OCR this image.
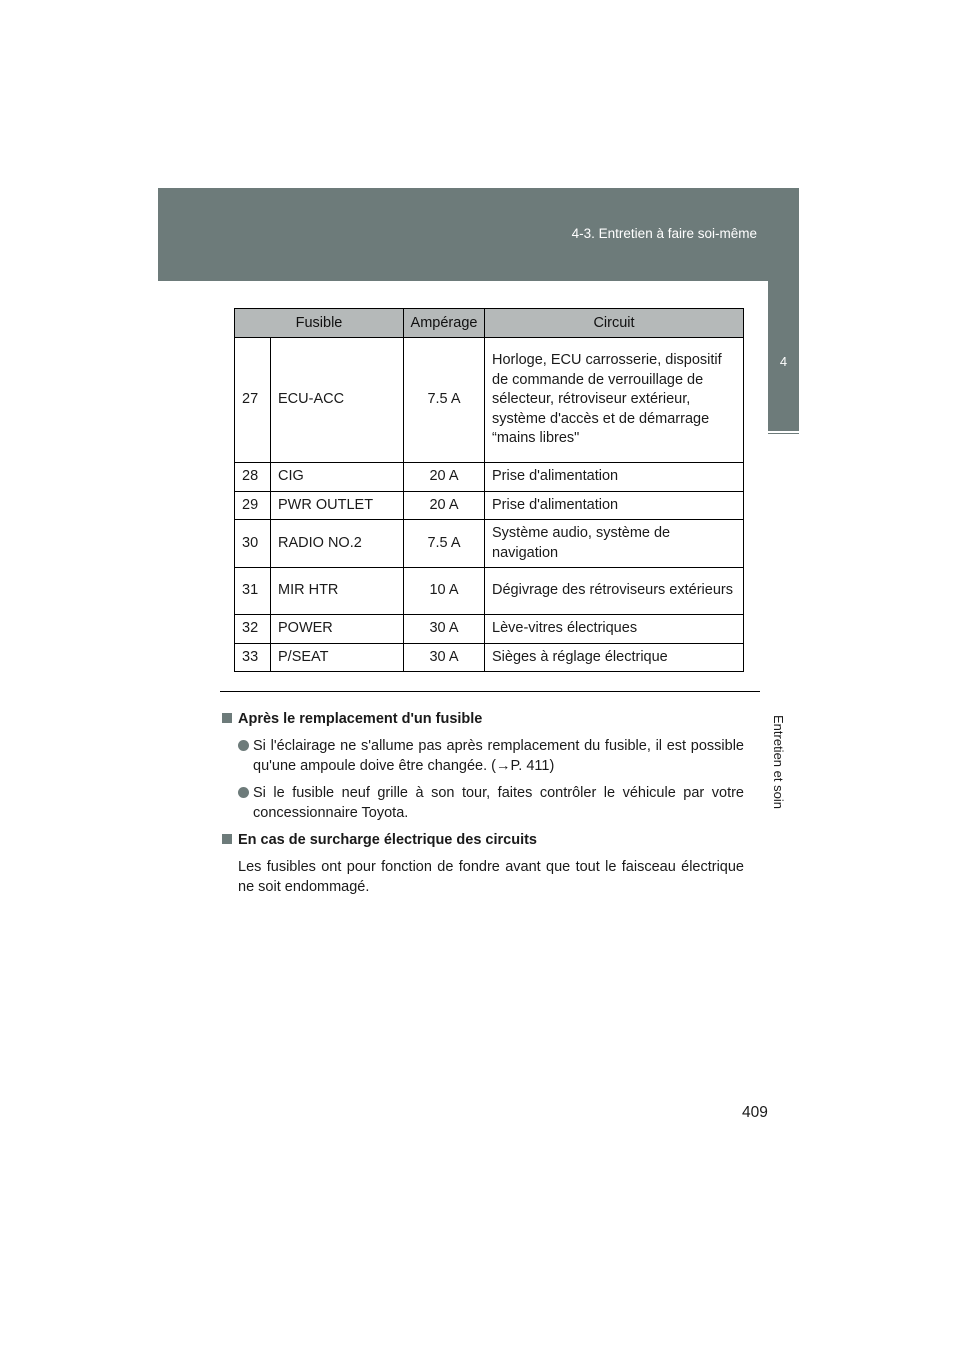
4-3. Entretien à faire soi-même
4
Entretien et soin
Fusible		Ampérage	Circuit
27	ECU-ACC	7.5 A	Horloge, ECU carrosserie, dispositif de commande de verrouillage de sélecteur, rétroviseur extérieur, système d'accès et de démarrage “mains libres"
28	CIG	20 A	Prise d'alimentation
29	PWR OUTLET	20 A	Prise d'alimentation
30	RADIO NO.2	7.5 A	Système audio, système de navigation
31	MIR HTR	10 A	Dégivrage des rétroviseurs extérieurs
32	POWER	30 A	Lève-vitres électriques
33	P/SEAT	30 A	Sièges à réglage électrique
Après le remplacement d'un fusible
Si l'éclairage ne s'allume pas après remplacement du fusible, il est possible qu'une ampoule doive être changée. (→P. 411)
Si le fusible neuf grille à son tour, faites contrôler le véhicule par votre concessionnaire Toyota.
En cas de surcharge électrique des circuits
Les fusibles ont pour fonction de fondre avant que tout le faisceau électrique ne soit endommagé.
409
